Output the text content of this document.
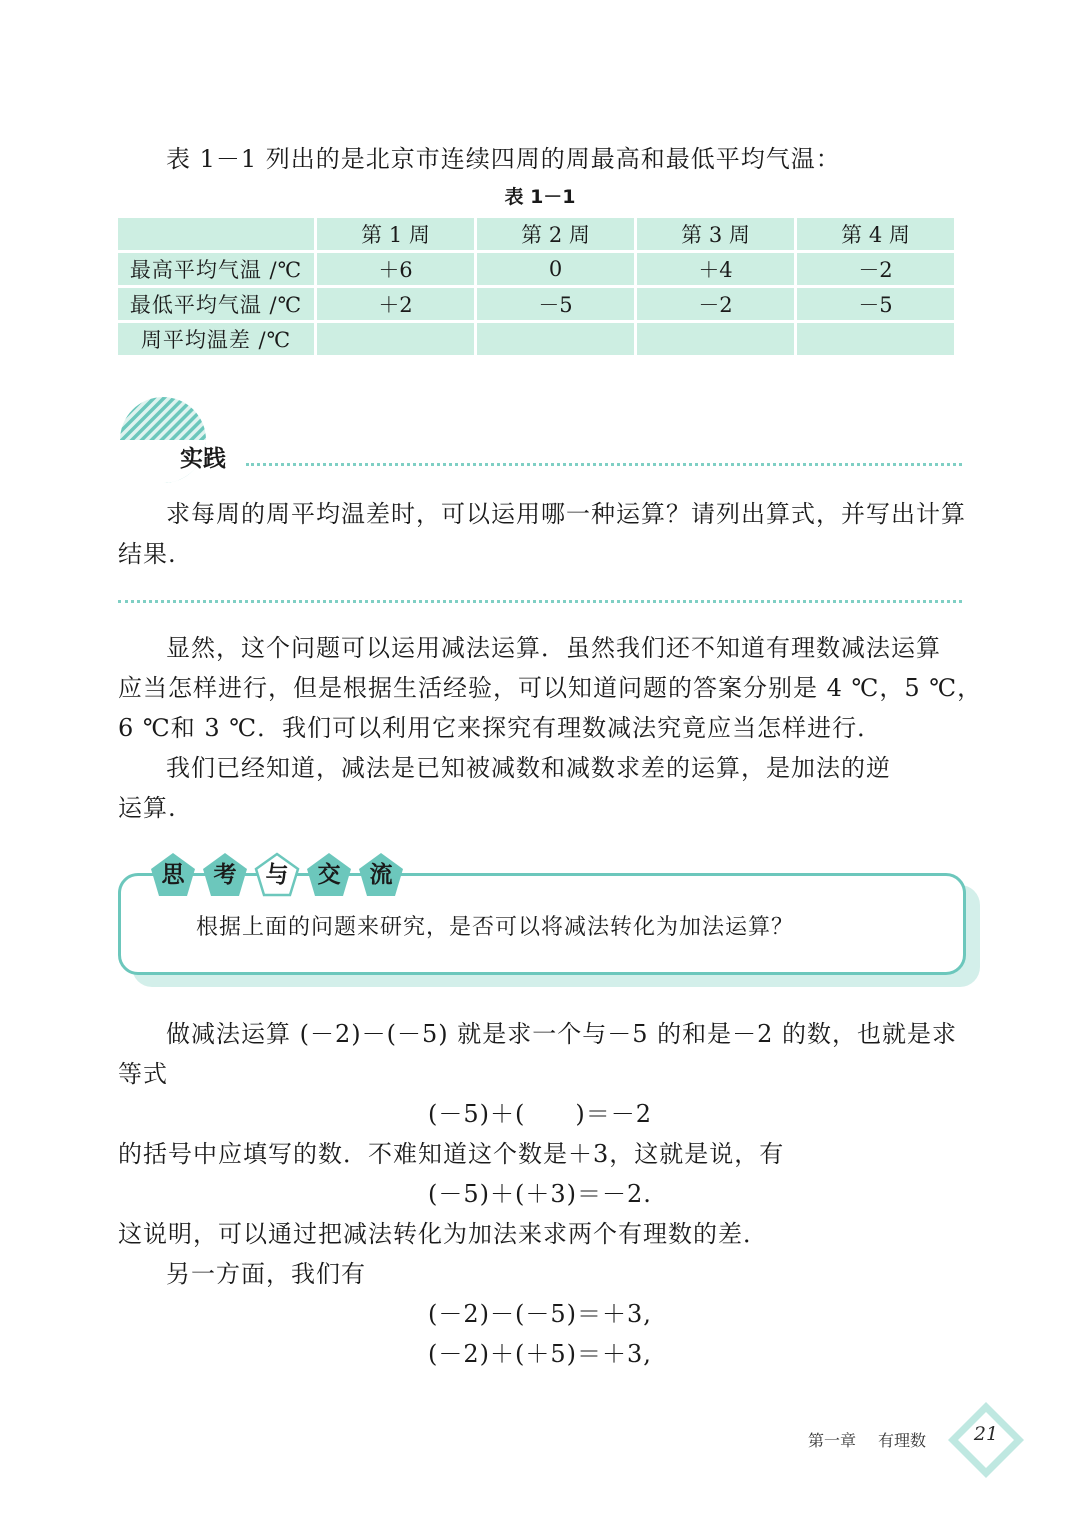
表 1－1 列出的是北京市连续四周的周最高和最低平均气温：
表 1－1
	第 1 周	第 2 周	第 3 周	第 4 周
最高平均气温 /℃	＋6	0	＋4	－2
最低平均气温 /℃	＋2	－5	－2	－5
周平均温差 /℃				
实践
求每周的周平均温差时，可以运用哪一种运算？请列出算式，并写出计算
结果.
显然，这个问题可以运用减法运算．虽然我们还不知道有理数减法运算
应当怎样进行，但是根据生活经验，可以知道问题的答案分别是 4 ℃，5 ℃，
6 ℃和 3 ℃．我们可以利用它来探究有理数减法究竟应当怎样进行．
我们已经知道，减法是已知被减数和减数求差的运算，是加法的逆
运算.
思	考	与	交	流
根据上面的问题来研究，是否可以将减法转化为加法运算？
做减法运算 (－2)－(－5) 就是求一个与－5 的和是－2 的数，也就是求
等式
(－5)＋(　　)＝－2
的括号中应填写的数．不难知道这个数是＋3，这就是说，有
(－5)＋(＋3)＝－2.
这说明，可以通过把减法转化为加法来求两个有理数的差．
另一方面，我们有
(－2)－(－5)＝＋3,
(－2)＋(＋5)＝＋3,
第一章 有理数	21
